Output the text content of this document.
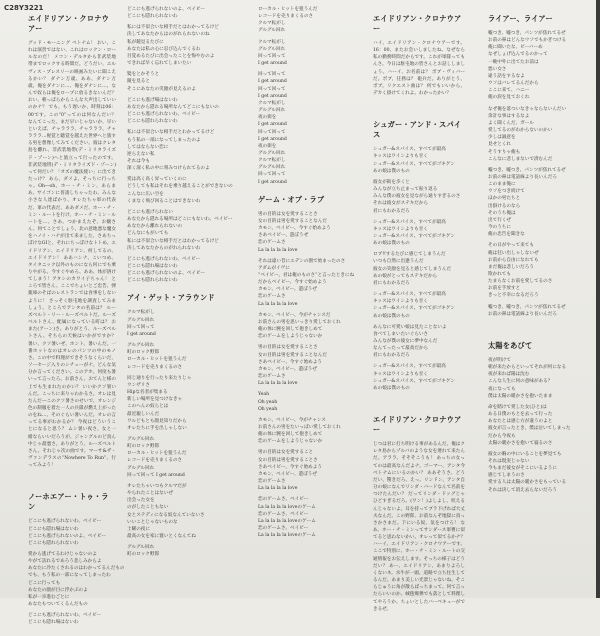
C28Y3221
エイドリアン・クロナウアー
グッド・モーニング ベトナム！ おい、これは演習ではない、これはロックン・ロールなのだ！ メコン・デルタから非武装地帯までロックする時間だ。どうだい、エルヴィス・プレスリーの映画みたいに聞こえるかい？ ダナン万歳、ああ、ダナン万歳、俺をダナンに…、俺をダナンに…、なんで奴らは俺をロープに放るきないんだ？ おい、朝っぱらからこんな大声出していいのかナ？ でも、もう遅いか、時刻は06：00です。この“0”ってのは何なんだい？ なんてこった、まだ早いじゃないか、早いといえば、チャラララ、チャラララ、チャラララ…視覚と聴覚を越えた世界へと旅する男を想像してみてください。彼はクレタ島を離れ、非武装地帯(デ・ミリタライズド・ゾーン)へと旅立って行ったのです。非武装地帯(デ・ミリタライズド・ゾーン)って何だい？「オズの魔法使い」に出てきたっけ？ あら、ダメよ、そっちに行っちゃ。Oh―oh、ホー・チ・ミン、あらまあ、サイゴンに普請しちゃったわ、みんな小さな人達ばかり、オレたちゃ軍の代表だ、軍の代表だ、ああダメだ、ホー・チ・ミン・ルートを行け、ホー・チ・ミン・ルートを…、さあ、つかまえたぞ、お嬢さん、何てことでしょう、北の意地悪な魔女をハノイ・ハナが出て来ました、さあちっぽけなGIと、それにちっぽけなトトめ、エイドリアン、エイドリアン、何してるの、エイドリアン！ ああハンナ、こいつめ、タイタニック以外のものになら何にでも乗りやがる。今すぐやめろ、ああ、体が溶けてしまう！アタシのカワイ子ちゃん！ ところで皆さん、ここでちょいとご忠告、弾薬庫のそばのレストランでは食事をしないように！ さっそく駐屯地を調査してみましょう。ところでアンタの名前は？ ルーズベルト・リー・ルーズベルトだ。ルーズベルトさん、配属になっている町は？ おまた(アーン)さ。ありがとう、ルーズベルトさん、そちらの天候はいかがですか？ 暑い、クソ暑いぜ、ホント、暑いんだ。一番ホットなのはオレのパンツの中のモノさ。この中で料理ができそうなくらいだ、ソーセージ入りのシチューがナ。どんな気分か言ってください。このアホ、何度も暑いって言ったろ。お前さん、おてんと様の上でも生まれたのかい？ いいかクソ暑いんだ。こっちに来りゃわかるさ。オレは見たんだ—このクソ暑さのせいで、オレンジ色の制服を着た一人の兵隊が燃え上がったのをね…、そのぐらい暑いんだ。オレの言ってる事がわかるか？ 今夜はどういうことになると思う？ ムシ暑い夜さ、女と一緒ならいいだろうが、ジャングルのど真ん中じゃ最悪さ。ありがとう、ルーズベルトさん。それじゃ次の曲です。マーサ&ザ・ヴァンデラスの“Nowhere To Run”、行ってみよう！
ノーホエアー・トゥ・ラン
どこにも逃げられないわ、ベイビー
どこにも隠れ場はないわ
どこにも逃げられないのよ、ベイビー
どこにも隠れられないわ
愛から逃げてるわけじゃないのよ
やがて訪れるであろう悲しみからよ
あなたに冷たくされるのはわかってるんだもの
でも、もう私の一部になってしまったわ
どこに行っても
あなたの顔が目に浮かぶのよ
私が一歩進むごとに
あなたもついてくるんだもの
どこにも逃げられないわ、ベイビー
どこにも隠れ場はないわ
どこにも逃げられないのよ、ベイビー
どこにも隠れられないわ
私には不似合いな相手だとはわかってるけど
決してあなたからはのがれられないのね
私が鏡見るたびに
あなたは私の心に忍び込んでくるわ
目覚めるたびに出会ったことを悔やむのよ
できれば早く忘れてしまいたい
髪をとかそうと
鏡を見ると
そこにあなたの笑顔が見えるのよ
どこにも逃げ場はないわ
あなたから隠れる場所なんてどこにもないの
どこにも逃げられないわ、ベイビー
どこにも隠れられないわ
私には不似合いな相手だとわかってるけど
もう私の一部になってしまったのよ
してはならない恋に
逆らえない私
それは今も
深く深く私の中に刻みつけられてるのよ
愛は高く高く昇っていくのに
どうしても私はそれを乗り越えることができないの
こんなに広い空を
くまなく飛び回ることはできないわ
どこにも逃げられない
あなたから隠れる場所はどこにもないわ、ベイビー
あなたから離れられないの
どんなにもがいても
私には不似合いな相手だとはわかってるけど
決してあなたからのがれられないわ
どこにも逃げられないわ、ベイビー
どこにも隠れ場はないわ
どこにも逃げられないのよ、ベイビー
どこにも隠れられないわ
アイ・ゲット・アラウンド
クルマ転がし
グルグル回れ
回って回って
I get around
グルグル回れ
町のロック野郎
ローカル・ヒットを狙うんだ
レコードを売りまくるのさ
同じ通りを行ったり来たりじゃ
ウンザリさ
Hipな名者が集まる
新しい場所を見つけなきゃ
このへんの奴らとは
最近親しいんだ
ワルどもとも顔見知りだから
オレたちに手を出しゃしない
グルグル回れ
町のロック野郎
ローカル・ヒットを狙うんだ
レコードを売りまくるのさ
グルグル回れ
回って回って I get around
オレたちゃいつもクルマだが
やられたことはないぜ
出会った女を
のがしたこともない
女とステディになる奴なんていないさ
いいことじゃないものな
土曜の夜に
最高の女を家に置いとくなんてね
グルグル回れ
町のロック野郎
ローカル・ヒットを狙うんだ
レコードを売りまくるのさ
クルマ転がし
グルグル回れ
クルマ転がし
グルグル回れ
回って回って
I get around
回って回って
I get around
回って回って
I get around
クルマ転がし
グルグル回れ
夜の街を
I get around
回って回って
I get around
夜の街を
グルグル回れ
クルマ転がし
グルグル回れ
回って回って
I get around
ゲーム・オブ・ラブ
男の目的は女を愛することさ
女の目的は男を愛することなんだ
カモン、ベイビー、今すぐ始めよう
さあベイビー、遊ぼうぜ
恋のゲームさ
La la la la la love
それは遠い昔にエデンの園で始まったのさ
アダムがイヴに
“ベイビー、君は俺のものさ”と言ったときにね
だからベイビー、今すぐ始めよう
カモン、ベイビー、遊ぼうぜ
恋のゲームさ
La la la la la love
カモン、ベイビー、今がチャンスだ
お前さんの男を思いっきり愛しておくれ
俺の体に腕を回して抱きしめて
恋のゲームをしようじゃないか
男の目的は女を愛することさ
女の目的は男を愛することなんだ
さあベイビー、今すぐ始めよう
カモン、ベイビー、遊ぼうぜ
恋のゲームさ
La la la la la love
Yeah
Oh yeah
Oh yeah
カモン、ベイビー、今がチャンス
お前さんの男をたいっぱい愛しておくれ
俺の体に腕を回して抱きしめて
恋のゲームをしようじゃないか
男の目的は女を愛すること
女の目的は男を愛することさ
さあベイビー、今すぐ始めよう
カモン、ベイビー、遊ぼうぜ
恋のゲームさ
La la la la la love
恋のゲームさ、ベイビー
La la la la la loveのゲーム
恋のゲームさ、ベイビー
La la la la la loveのゲーム
恋のゲームさ、ベイビー
La la la la la loveのゲーム
エイドリアン・クロナウアー
ハイ、エイドリアン・クロナウアーです。16：00、またお会いしましたね、なぜなら私の勤務時間だからです。これが軍隊ってもんさ。今日は駐屯地の皆さんとお話ししましょう。ハーイ、お名前は？ ボブ・ヴィバーだ。ボブ、任務は？ 砲兵だ。ありがとう、ボブ。リクエスト曲は？ 何でもいいから、デカく掛けてくれよ。わかったかい？
シュガー・アンド・スパイス
シュガー&スパイス、すべてが最高
キッスはワインよりも甘く
シュガー&スパイス、すべてがゴキゲン
あの娘は僕のもの
彼女が街を歩くと
みんなが立ち止まって振り返る
みんな僕の彼女を見ながら通りすぎるのさ
それは彼女がステキだから
君にもわかるだろ
シュガー&スパイス、すべてが最高
キッスはワインよりも甘く
シュガー&スパイス、すべてがゴキゲン
あの娘は僕のもの
ロブ!!するたびに感じてしまうんだ
いつも自然に出逢うんだ
彼女の笑顔を見ると感じてしまうんだ
あの娘がとってもステキだから
君にもわかるだろ
シュガー&スパイス、すべてが最高
キッスはワインよりも甘く
シュガー&スパイス、すべてがゴキゲン
あの娘は僕のもの
あんなに可愛い娘は見たことないよ
食べてしまいたいぐらいさ
みんなが僕の彼女に夢中なんだ
なんてったって最高だから
君にもわかるだろ
シュガー&スパイス、すべてが最高
キッスはワインよりも甘く
シュガー&スパイス、すべてがゴキゲン
あの娘は僕のもの
エイドリアン・クロナウアー
じつは君に打ち明ける事があるんだ。俺はクレタ島からゾルバのような女を連れて来たんだ。アララ、そそそこうも！ あっちの女ってのは最高なんだよナ。ゴーマー、アンタ今ベトナムにいるのかい？ ああそうさ、どうだい、驚きだろ、えっ。リンドン、アンタ自分の娘になんでリンダ・バードなんて名前をつけたんだい？ だってリンダ・ドッグじゃひどすぎるだろ。(ワン！)よしよし、吠えるんじゃないよ。耳を持ってブラ下げれば大丈夫なんだ。この野郎、お前なんぞ地獄に真っさかさまだ。下にいる奴、気をつけろ！ なあ、ホー・チ・ミンってサンダース軍曹に似てると思わないかい。オレって似てるかナ？ ハーイ、エイドリアン・クロナウアーです。ここで特別に、ホー・チ・ミン・ルートの交通情報をお伝えします。そっちの様子はどうだい？ あー、エイドリアン、あまりよろしくないネ。水牛が一頭、道路で立ち往生してるんだ。あまり美しい光景じゃないね。そこらじゅうに角が散らばっちまって。何て言ったらいいのか、絨毯爆弾でも落として料理してやろうか。ちょいとしたバーベキューができるぜ。
ライアー、ライアー
嘘つき、嘘つき、パンツが焦れてるぜ
お前の鼻はどんなウソでもかぎつける
俺に聞いたな、ビーバーめ
なぜしょげ込んでるのかって
一晩中外に出てたお前は
悪い女さ
違う話をするなよ
ウソはバレてるんだから
ここに来て、ハニー
俺の涙を見ておくれ
なぜ俺を落ついなきゃならないんだい
余計な事はするなよ
よく聞くんだ、ガール
愛してるのがわからないのかい
少しは誠意を
見せとくれ
そうすりゃ俺も
こんなに悲しまないで済むんだ
嘘つき、嘘つき、パンツが焦れてるぜ
お前の鼻は電話線より長いんだろ
このまま俺に
ウソをつき続けて
ほかの男たちと
出掛けるのなら
そのうち俺は
出て行くぜ
今のうちに
俺の忠告を聞きな
その日がやって来ても
俺は狂い出しゃしないぜ
お前から自由になれても
まだ俺は悲しいだろう
欺かれても
たまらなくお前を愛してるのさ
お前を手放すと
きっと不幸になるだろう
嘘つき、嘘つき、パンツが焦れてるぜ
お前の鼻は電話線より長いんだろ
太陽をあびて
夜が明けて
朝が来たからといってそれが何になる
夜が来れば陽は沈む
こんな人生に何の意味がある？
夜になっても
僕は太陽の暖かさを抱いたまま
命を賭けて愛した女(ひと)は
ある日僕のもとを去って行った
あなたとは感じ方が違うのよと
彼女が言ったとき、僕は泣いてしまった
だから今夜も
太陽の暖かさを抱いて寝るのさ
彼女の胸の中にいることを夢見ても
それは現実じゃない
今もまだ彼女がそこにいるように
感じてしまうのさ
愛する人は太陽の暖かさをもっている
それは決して消え去らないだろう
